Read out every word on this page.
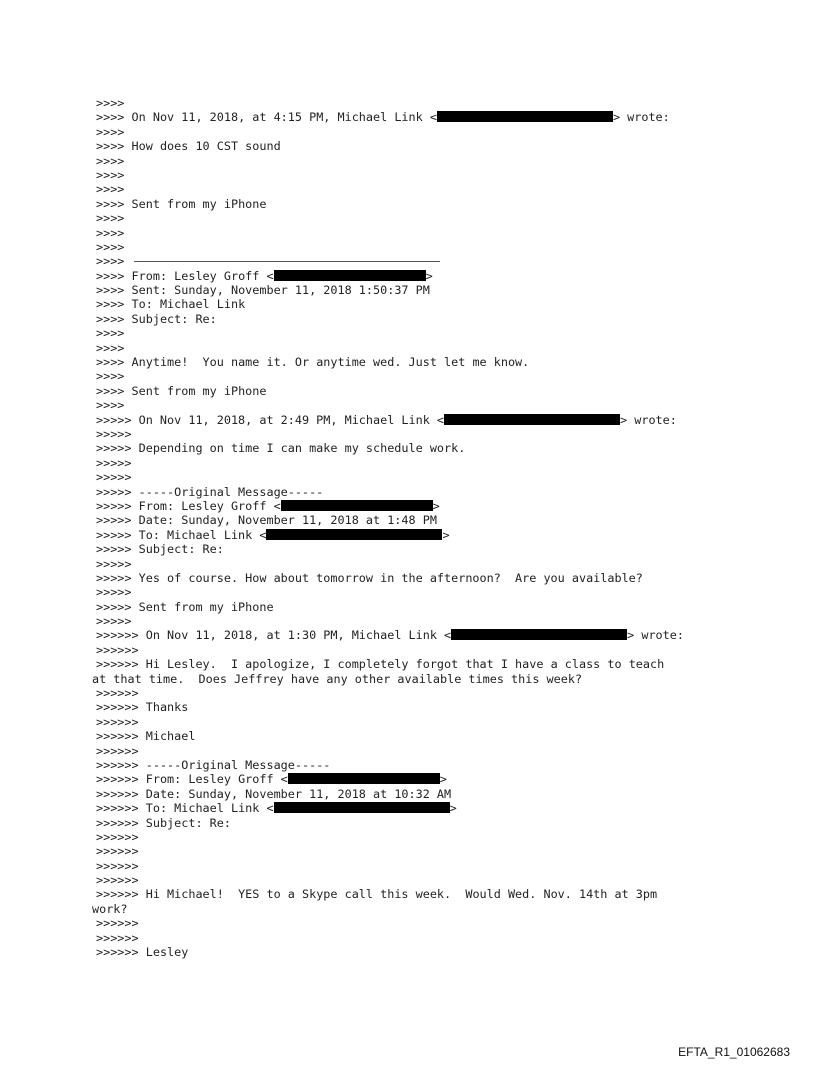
>>>>
>>>> On Nov 11, 2018, at 4:15 PM, Michael Link <	> wrote:
>>>>
>>>> How does 10 CST sound
>>>>
>>>>
>>>>
>>>> Sent from my iPhone
>>>>
>>>>
>>>>
>>>>
>>>> From: Lesley Groff <	>
>>>> Sent: Sunday, November 11, 2018 1:50:37 PM
>>>> To: Michael Link
>>>> Subject: Re:
>>>>
>>>>
>>>> Anytime!  You name it. Or anytime wed. Just let me know.
>>>>
>>>> Sent from my iPhone
>>>>
>>>>> On Nov 11, 2018, at 2:49 PM, Michael Link <	> wrote:
>>>>>
>>>>> Depending on time I can make my schedule work.
>>>>>
>>>>>
>>>>> -----Original Message-----
>>>>> From: Lesley Groff <	>
>>>>> Date: Sunday, November 11, 2018 at 1:48 PM
>>>>> To: Michael Link <	>
>>>>> Subject: Re:
>>>>>
>>>>> Yes of course. How about tomorrow in the afternoon?  Are you available?
>>>>>
>>>>> Sent from my iPhone
>>>>>
>>>>>> On Nov 11, 2018, at 1:30 PM, Michael Link <	> wrote:
>>>>>>
>>>>>> Hi Lesley.  I apologize, I completely forgot that I have a class to teach
at that time.  Does Jeffrey have any other available times this week?
>>>>>>
>>>>>> Thanks
>>>>>>
>>>>>> Michael
>>>>>>
>>>>>> -----Original Message-----
>>>>>> From: Lesley Groff <	>
>>>>>> Date: Sunday, November 11, 2018 at 10:32 AM
>>>>>> To: Michael Link <	>
>>>>>> Subject: Re:
>>>>>>
>>>>>>
>>>>>>
>>>>>>
>>>>>> Hi Michael!  YES to a Skype call this week.  Would Wed. Nov. 14th at 3pm
work?
>>>>>>
>>>>>>
>>>>>> Lesley
EFTA_R1_01062683
